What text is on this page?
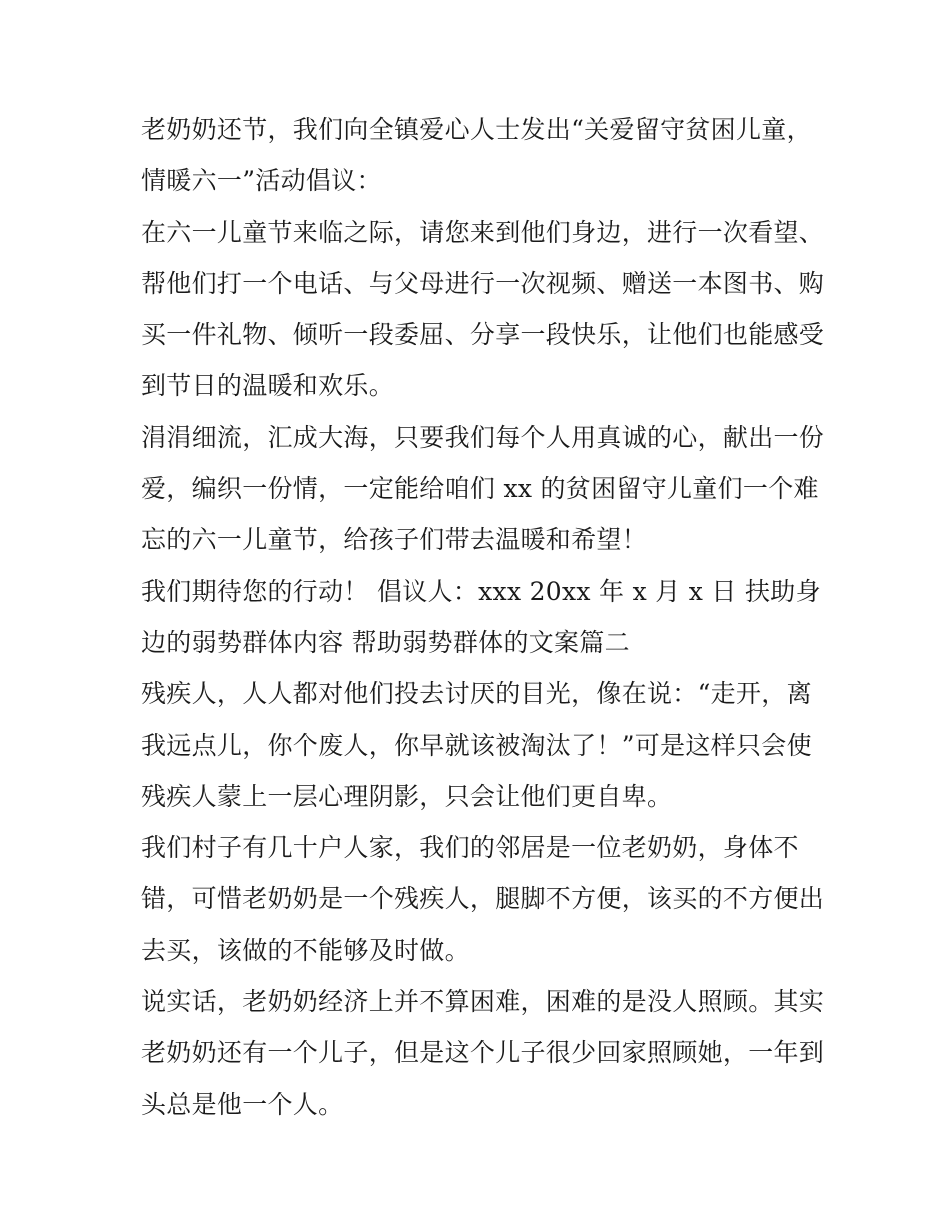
老奶奶还节，我们向全镇爱心人士发出“关爱留守贫困儿童，情暖六一”活动倡议：

在六一儿童节来临之际，请您来到他们身边，进行一次看望、帮他们打一个电话、与父母进行一次视频、赠送一本图书、购买一件礼物、倾听一段委屈、分享一段快乐，让他们也能感受到节日的温暖和欢乐。

涓涓细流，汇成大海，只要我们每个人用真诚的心，献出一份爱，编织一份情，一定能给咱们 xx 的贫困留守儿童们一个难忘的六一儿童节，给孩子们带去温暖和希望！

我们期待您的行动！ 倡议人：xxx 20xx 年 x 月 x 日 扶助身边的弱势群体内容 帮助弱势群体的文案篇二

残疾人，人人都对他们投去讨厌的目光，像在说：“走开，离我远点儿，你个废人，你早就该被淘汰了！”可是这样只会使残疾人蒙上一层心理阴影，只会让他们更自卑。

我们村子有几十户人家，我们的邻居是一位老奶奶，身体不错，可惜老奶奶是一个残疾人，腿脚不方便，该买的不方便出去买，该做的不能够及时做。

说实话，老奶奶经济上并不算困难，困难的是没人照顾。其实老奶奶还有一个儿子，但是这个儿子很少回家照顾她，一年到头总是他一个人。
